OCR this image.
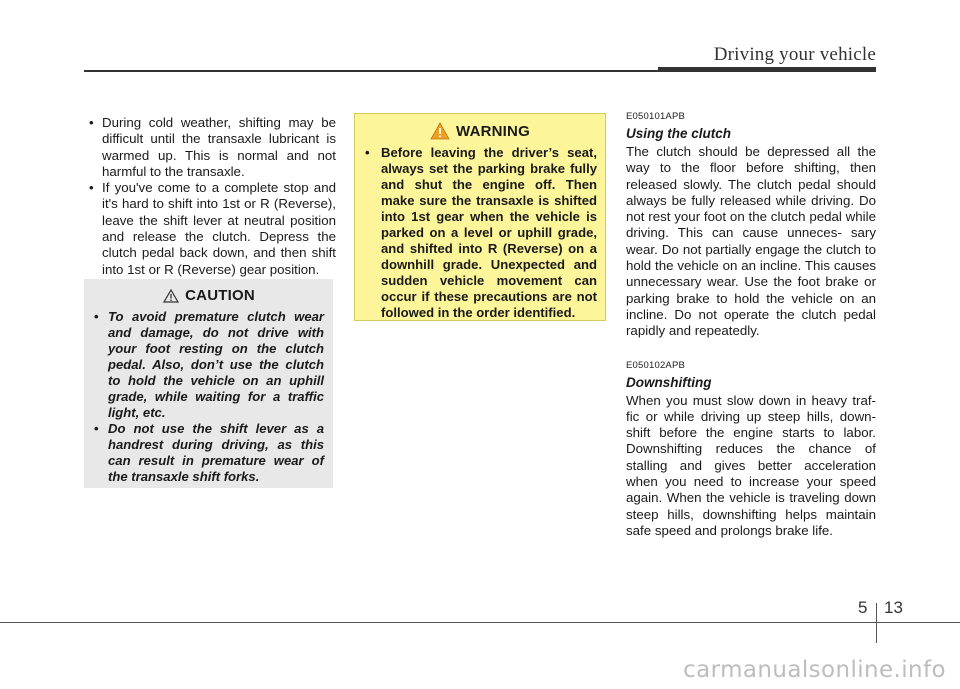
Driving your vehicle
• During cold weather, shifting may be difficult until the transaxle lubricant is warmed up. This is normal and not harmful to the transaxle.
• If you've come to a complete stop and it's hard to shift into 1st or R (Reverse), leave the shift lever at neutral position and release the clutch. Depress the clutch pedal back down, and then shift into 1st or R (Reverse) gear position.
CAUTION
• To avoid premature clutch wear and damage, do not drive with your foot resting on the clutch pedal. Also, don’t use the clutch to hold the vehicle on an uphill grade, while waiting for a traffic light, etc.
• Do not use the shift lever as a handrest during driving, as this can result in premature wear of the transaxle shift forks.
WARNING
• Before leaving the driver’s seat, always set the parking brake fully and shut the engine off. Then make sure the transaxle is shifted into 1st gear when the vehicle is parked on a level or uphill grade, and shifted into R (Reverse) on a downhill grade. Unexpected and sudden vehicle movement can occur if these precautions are not followed in the order identified.

E050101APB

Using the clutch

The clutch should be depressed all the way to the floor before shifting, then released slowly. The clutch pedal should always be fully released while driving. Do not rest your foot on the clutch pedal while driving. This can cause unneces- sary wear. Do not partially engage the clutch to hold the vehicle on an incline. This causes unnecessary wear. Use the foot brake or parking brake to hold the vehicle on an incline. Do not operate the clutch pedal rapidly and repeatedly.

E050102APB

Downshifting

When you must slow down in heavy traf- fic or while driving up steep hills, down- shift before the engine starts to labor. Downshifting reduces the chance of stalling and gives better acceleration when you need to increase your speed again. When the vehicle is traveling down steep hills, downshifting helps maintain safe speed and prolongs brake life.

5 13
carmanualsonline.info
